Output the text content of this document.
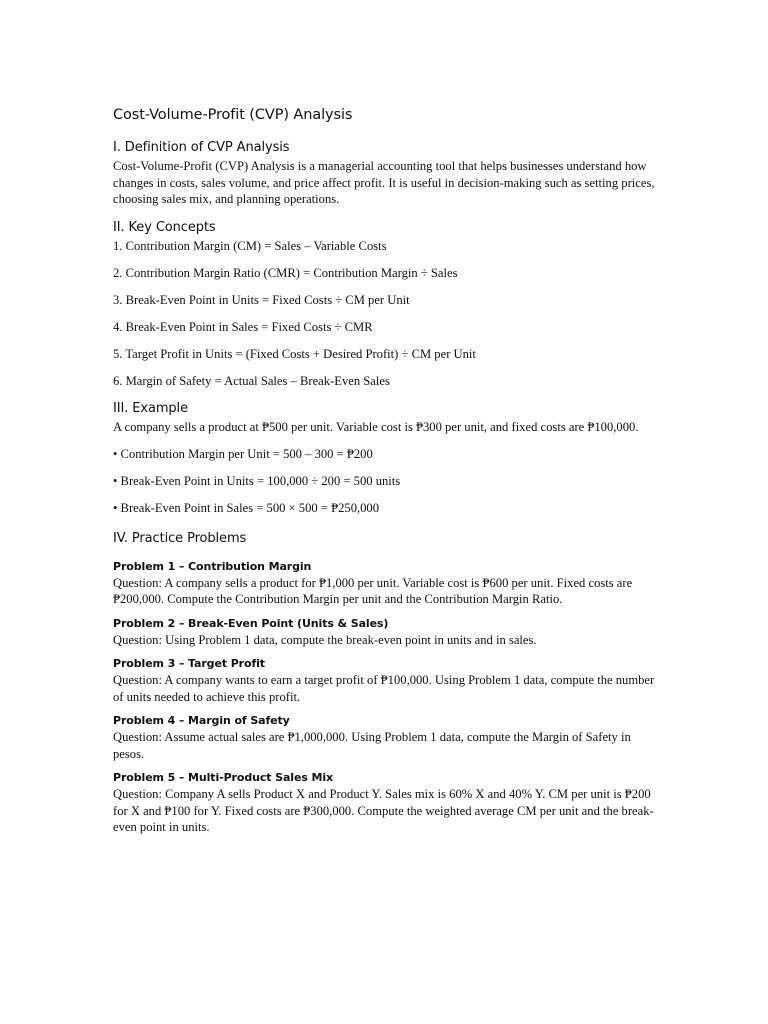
Cost-Volume-Profit (CVP) Analysis
I. Definition of CVP Analysis

Cost-Volume-Profit (CVP) Analysis is a managerial accounting tool that helps businesses understand how changes in costs, sales volume, and price affect profit. It is useful in decision-making such as setting prices, choosing sales mix, and planning operations.

II. Key Concepts

1. Contribution Margin (CM) = Sales – Variable Costs

2. Contribution Margin Ratio (CMR) = Contribution Margin ÷ Sales

3. Break-Even Point in Units = Fixed Costs ÷ CM per Unit

4. Break-Even Point in Sales = Fixed Costs ÷ CMR

5. Target Profit in Units = (Fixed Costs + Desired Profit) ÷ CM per Unit

6. Margin of Safety = Actual Sales – Break-Even Sales

III. Example

A company sells a product at ₱500 per unit. Variable cost is ₱300 per unit, and fixed costs are ₱100,000.

• Contribution Margin per Unit = 500 – 300 = ₱200

• Break-Even Point in Units = 100,000 ÷ 200 = 500 units

• Break-Even Point in Sales = 500 × 500 = ₱250,000

IV. Practice Problems
Problem 1 – Contribution Margin

Question: A company sells a product for ₱1,000 per unit. Variable cost is ₱600 per unit. Fixed costs are ₱200,000. Compute the Contribution Margin per unit and the Contribution Margin Ratio.

Problem 2 – Break-Even Point (Units & Sales)

Question: Using Problem 1 data, compute the break-even point in units and in sales.

Problem 3 – Target Profit

Question: A company wants to earn a target profit of ₱100,000. Using Problem 1 data, compute the number of units needed to achieve this profit.

Problem 4 – Margin of Safety

Question: Assume actual sales are ₱1,000,000. Using Problem 1 data, compute the Margin of Safety in pesos.

Problem 5 – Multi-Product Sales Mix

Question: Company A sells Product X and Product Y. Sales mix is 60% X and 40% Y. CM per unit is ₱200 for X and ₱100 for Y. Fixed costs are ₱300,000. Compute the weighted average CM per unit and the break-even point in units.
